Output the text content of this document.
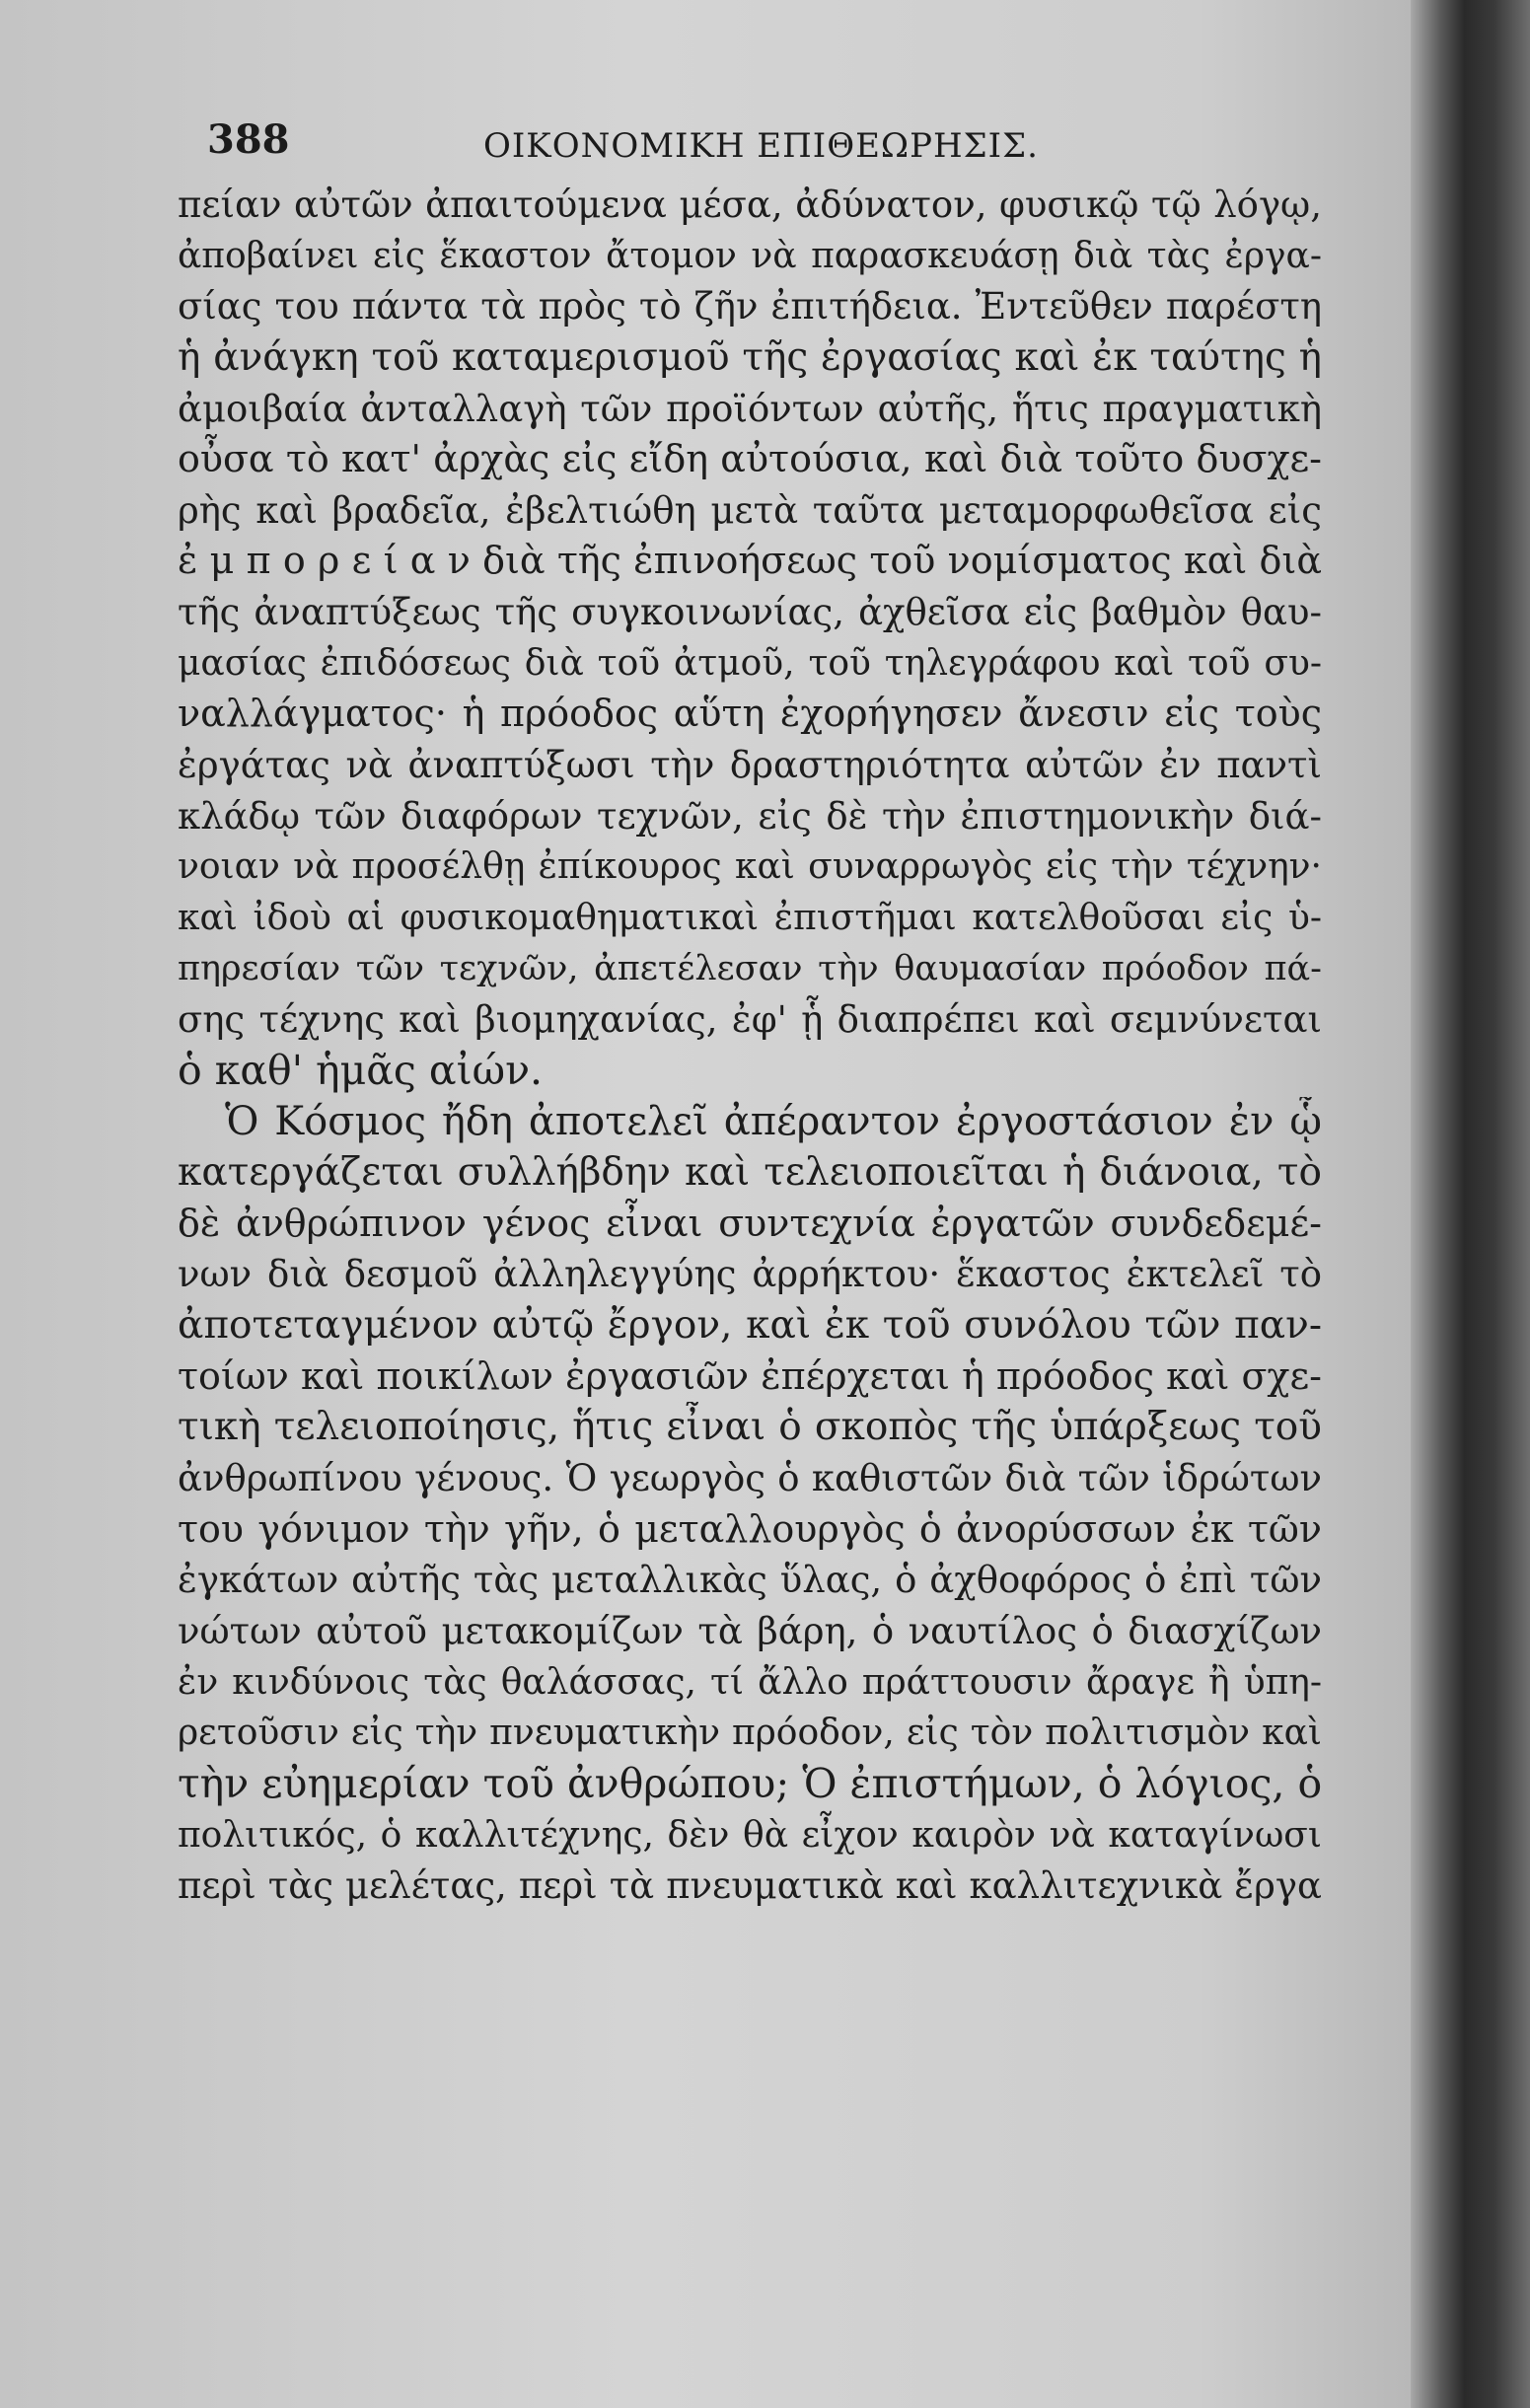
388	ΟΙΚΟΝΟΜΙΚΗ ΕΠΙΘΕΩΡΗΣΙΣ.
πείαν αὐτῶν ἀπαιτούμενα μέσα, ἀδύνατον, φυσικῷ τῷ λόγῳ,
ἀποβαίνει εἰς ἕκαστον ἄτομον νὰ παρασκευάσῃ διὰ τὰς ἐργα-
σίας του πάντα τὰ πρὸς τὸ ζῆν ἐπιτήδεια. Ἐντεῦθεν παρέστη
ἡ ἀνάγκη τοῦ καταμερισμοῦ τῆς ἐργασίας καὶ ἐκ ταύτης ἡ
ἀμοιβαία ἀνταλλαγὴ τῶν προϊόντων αὐτῆς, ἥτις πραγματικὴ
οὖσα τὸ κατ' ἀρχὰς εἰς εἴδη αὐτούσια, καὶ διὰ τοῦτο δυσχε-
ρὴς καὶ βραδεῖα, ἐβελτιώθη μετὰ ταῦτα μεταμορφωθεῖσα εἰς
ἐ μ π ο ρ ε ί α ν διὰ τῆς ἐπινοήσεως τοῦ νομίσματος καὶ διὰ
τῆς ἀναπτύξεως τῆς συγκοινωνίας, ἀχθεῖσα εἰς βαθμὸν θαυ-
μασίας ἐπιδόσεως διὰ τοῦ ἀτμοῦ, τοῦ τηλεγράφου καὶ τοῦ συ-
ναλλάγματος· ἡ πρόοδος αὕτη ἐχορήγησεν ἄνεσιν εἰς τοὺς
ἐργάτας νὰ ἀναπτύξωσι τὴν δραστηριότητα αὐτῶν ἐν παντὶ
κλάδῳ τῶν διαφόρων τεχνῶν, εἰς δὲ τὴν ἐπιστημονικὴν διά-
νοιαν νὰ προσέλθῃ ἐπίκουρος καὶ συναρρωγὸς εἰς τὴν τέχνην·
καὶ ἰδοὺ αἱ φυσικομαθηματικαὶ ἐπιστῆμαι κατελθοῦσαι εἰς ὑ-
πηρεσίαν τῶν τεχνῶν, ἀπετέλεσαν τὴν θαυμασίαν πρόοδον πά-
σης τέχνης καὶ βιομηχανίας, ἐφ' ᾗ διαπρέπει καὶ σεμνύνεται
ὁ καθ' ἡμᾶς αἰών.
Ὁ Κόσμος ἤδη ἀποτελεῖ ἀπέραντον ἐργοστάσιον ἐν ᾧ
κατεργάζεται συλλήβδην καὶ τελειοποιεῖται ἡ διάνοια, τὸ
δὲ ἀνθρώπινον γένος εἶναι συντεχνία ἐργατῶν συνδεδεμέ-
νων διὰ δεσμοῦ ἀλληλεγγύης ἀρρήκτου· ἕκαστος ἐκτελεῖ τὸ
ἀποτεταγμένον αὐτῷ ἔργον, καὶ ἐκ τοῦ συνόλου τῶν παν-
τοίων καὶ ποικίλων ἐργασιῶν ἐπέρχεται ἡ πρόοδος καὶ σχε-
τικὴ τελειοποίησις, ἥτις εἶναι ὁ σκοπὸς τῆς ὑπάρξεως τοῦ
ἀνθρωπίνου γένους. Ὁ γεωργὸς ὁ καθιστῶν διὰ τῶν ἱδρώτων
του γόνιμον τὴν γῆν, ὁ μεταλλουργὸς ὁ ἀνορύσσων ἐκ τῶν
ἐγκάτων αὐτῆς τὰς μεταλλικὰς ὕλας, ὁ ἀχθοφόρος ὁ ἐπὶ τῶν
νώτων αὐτοῦ μετακομίζων τὰ βάρη, ὁ ναυτίλος ὁ διασχίζων
ἐν κινδύνοις τὰς θαλάσσας, τί ἄλλο πράττουσιν ἄραγε ἢ ὑπη-
ρετοῦσιν εἰς τὴν πνευματικὴν πρόοδον, εἰς τὸν πολιτισμὸν καὶ
τὴν εὐημερίαν τοῦ ἀνθρώπου; Ὁ ἐπιστήμων, ὁ λόγιος, ὁ
πολιτικός, ὁ καλλιτέχνης, δὲν θὰ εἶχον καιρὸν νὰ καταγίνωσι
περὶ τὰς μελέτας, περὶ τὰ πνευματικὰ καὶ καλλιτεχνικὰ ἔργα
